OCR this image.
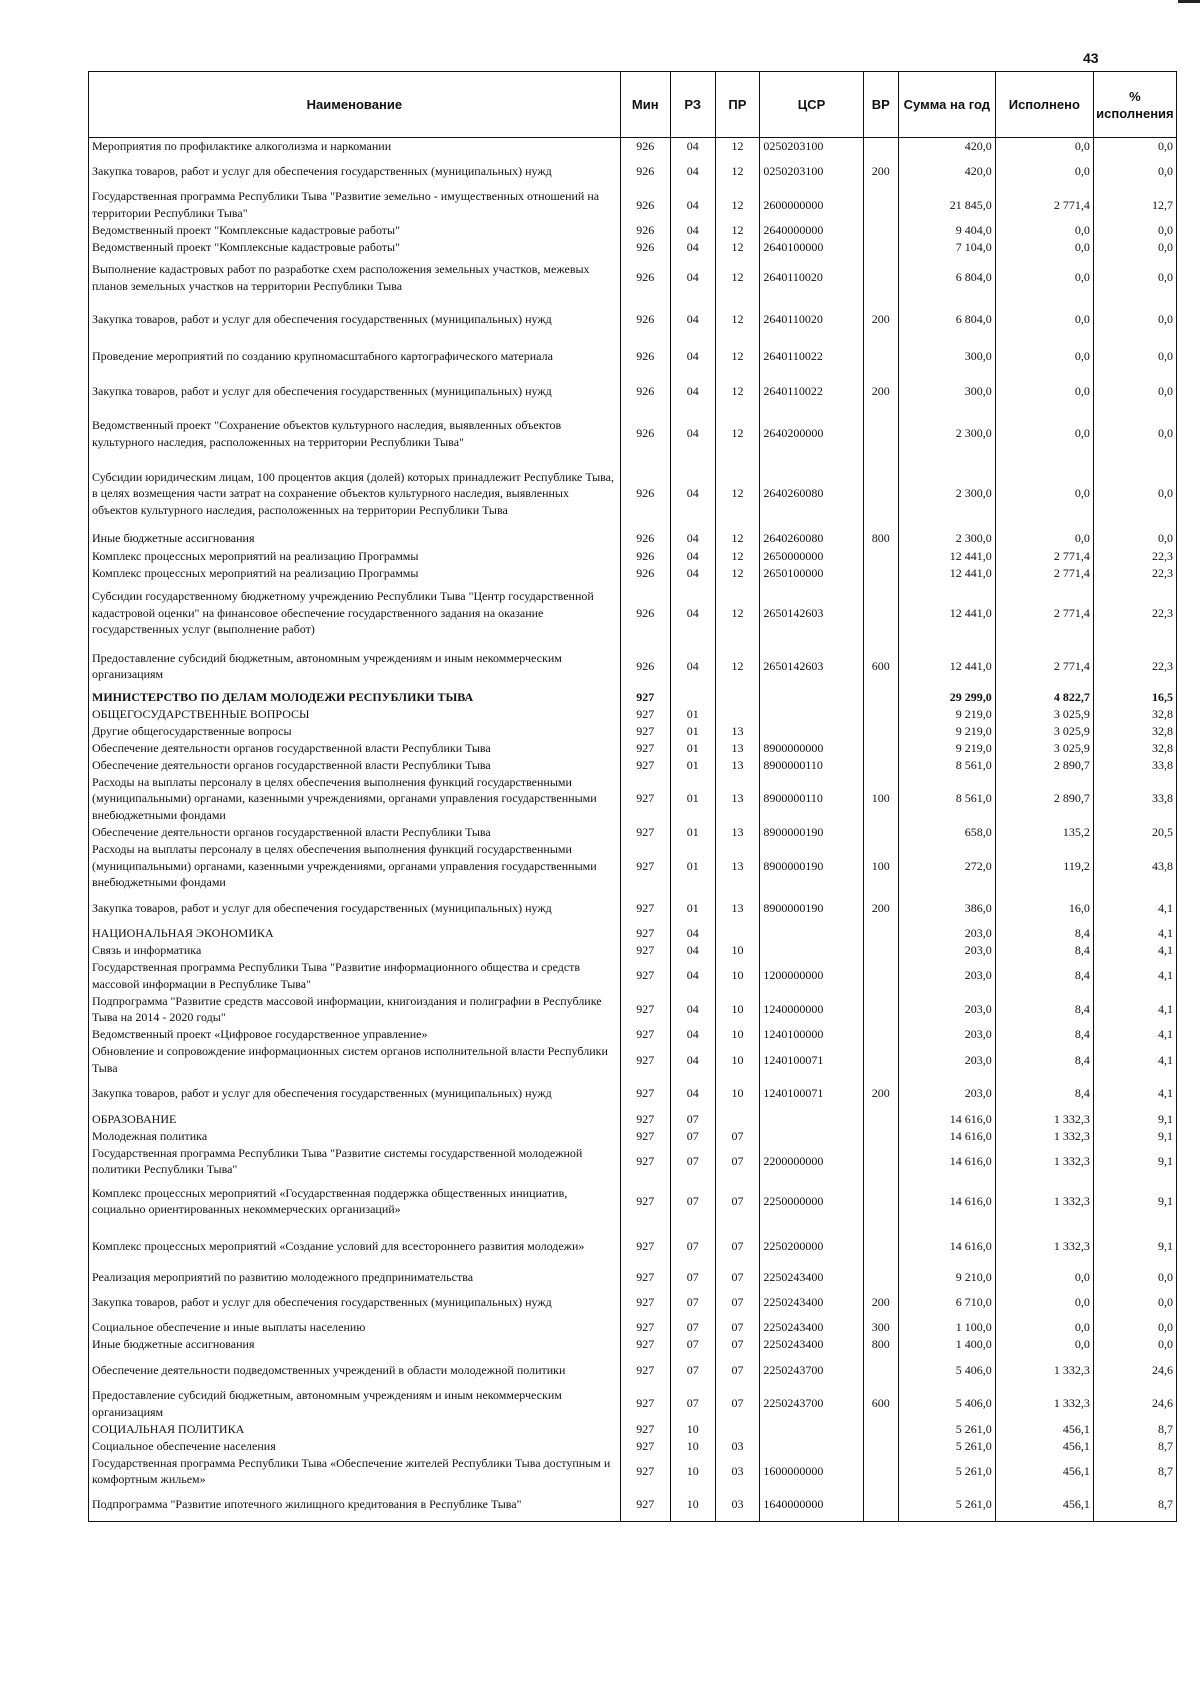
43
Наименование	Мин	РЗ	ПР	ЦСР	ВР	Сумма на год	Исполнено	% исполнения
Мероприятия по профилактике алкоголизма и наркомании	926	04	12	0250203100		420,0	0,0	0,0
Закупка товаров, работ и услуг для обеспечения государственных (муниципальных) нужд	926	04	12	0250203100	200	420,0	0,0	0,0
Государственная программа Республики Тыва "Развитие земельно - имущественных отношений на территории Республики Тыва"	926	04	12	2600000000		21 845,0	2 771,4	12,7
Ведомственный проект "Комплексные кадастровые работы"	926	04	12	2640000000		9 404,0	0,0	0,0
Ведомственный проект "Комплексные кадастровые работы"	926	04	12	2640100000		7 104,0	0,0	0,0
Выполнение кадастровых работ по разработке схем расположения земельных участков, межевых планов земельных участков на территории Республики Тыва	926	04	12	2640110020		6 804,0	0,0	0,0
Закупка товаров, работ и услуг для обеспечения государственных (муниципальных) нужд	926	04	12	2640110020	200	6 804,0	0,0	0,0
Проведение мероприятий по созданию крупномасштабного картографического материала	926	04	12	2640110022		300,0	0,0	0,0
Закупка товаров, работ и услуг для обеспечения государственных (муниципальных) нужд	926	04	12	2640110022	200	300,0	0,0	0,0
Ведомственный проект "Сохранение объектов культурного наследия, выявленных объектов культурного наследия, расположенных на территории Республики Тыва"	926	04	12	2640200000		2 300,0	0,0	0,0
Субсидии юридическим лицам, 100 процентов акция (долей) которых принадлежит Республике Тыва, в целях возмещения части затрат на сохранение объектов культурного наследия, выявленных объектов культурного наследия, расположенных на территории Республики Тыва	926	04	12	2640260080		2 300,0	0,0	0,0
Иные бюджетные ассигнования	926	04	12	2640260080	800	2 300,0	0,0	0,0
Комплекс процессных мероприятий на реализацию Программы	926	04	12	2650000000		12 441,0	2 771,4	22,3
Комплекс процессных мероприятий на реализацию Программы	926	04	12	2650100000		12 441,0	2 771,4	22,3
Субсидии государственному бюджетному учреждению Республики Тыва "Центр государственной кадастровой оценки" на финансовое обеспечение государственного задания на оказание государственных услуг (выполнение работ)	926	04	12	2650142603		12 441,0	2 771,4	22,3
Предоставление субсидий бюджетным, автономным учреждениям и иным некоммерческим организациям	926	04	12	2650142603	600	12 441,0	2 771,4	22,3
МИНИСТЕРСТВО ПО ДЕЛАМ МОЛОДЕЖИ РЕСПУБЛИКИ ТЫВА	927					29 299,0	4 822,7	16,5
ОБЩЕГОСУДАРСТВЕННЫЕ ВОПРОСЫ	927	01				9 219,0	3 025,9	32,8
Другие общегосударственные вопросы	927	01	13			9 219,0	3 025,9	32,8
Обеспечение деятельности органов государственной власти Республики Тыва	927	01	13	8900000000		9 219,0	3 025,9	32,8
Обеспечение деятельности органов государственной власти Республики Тыва	927	01	13	8900000110		8 561,0	2 890,7	33,8
Расходы на выплаты персоналу в целях обеспечения выполнения функций государственными (муниципальными) органами, казенными учреждениями, органами управления государственными внебюджетными фондами	927	01	13	8900000110	100	8 561,0	2 890,7	33,8
Обеспечение деятельности органов государственной власти Республики Тыва	927	01	13	8900000190		658,0	135,2	20,5
Расходы на выплаты персоналу в целях обеспечения выполнения функций государственными (муниципальными) органами, казенными учреждениями, органами управления государственными внебюджетными фондами	927	01	13	8900000190	100	272,0	119,2	43,8
Закупка товаров, работ и услуг для обеспечения государственных (муниципальных) нужд	927	01	13	8900000190	200	386,0	16,0	4,1
НАЦИОНАЛЬНАЯ ЭКОНОМИКА	927	04				203,0	8,4	4,1
Связь и информатика	927	04	10			203,0	8,4	4,1
Государственная программа Республики Тыва "Развитие информационного общества и средств массовой информации в Республике Тыва"	927	04	10	1200000000		203,0	8,4	4,1
Подпрограмма "Развитие средств массовой информации, книгоиздания и полиграфии в Республике Тыва на 2014 - 2020 годы"	927	04	10	1240000000		203,0	8,4	4,1
Ведомственный проект «Цифровое государственное управление»	927	04	10	1240100000		203,0	8,4	4,1
Обновление и сопровождение информационных систем органов исполнительной власти Республики Тыва	927	04	10	1240100071		203,0	8,4	4,1
Закупка товаров, работ и услуг для обеспечения государственных (муниципальных) нужд	927	04	10	1240100071	200	203,0	8,4	4,1
ОБРАЗОВАНИЕ	927	07				14 616,0	1 332,3	9,1
Молодежная политика	927	07	07			14 616,0	1 332,3	9,1
Государственная программа Республики Тыва "Развитие системы государственной молодежной политики Республики Тыва"	927	07	07	2200000000		14 616,0	1 332,3	9,1
Комплекс процессных мероприятий «Государственная поддержка общественных инициатив, социально ориентированных некоммерческих организаций»	927	07	07	2250000000		14 616,0	1 332,3	9,1
Комплекс процессных мероприятий «Создание условий для всестороннего развития молодежи»	927	07	07	2250200000		14 616,0	1 332,3	9,1
Реализация мероприятий по развитию молодежного предпринимательства	927	07	07	2250243400		9 210,0	0,0	0,0
Закупка товаров, работ и услуг для обеспечения государственных (муниципальных) нужд	927	07	07	2250243400	200	6 710,0	0,0	0,0
Социальное обеспечение и иные выплаты населению	927	07	07	2250243400	300	1 100,0	0,0	0,0
Иные бюджетные ассигнования	927	07	07	2250243400	800	1 400,0	0,0	0,0
Обеспечение деятельности подведомственных учреждений в области молодежной политики	927	07	07	2250243700		5 406,0	1 332,3	24,6
Предоставление субсидий бюджетным, автономным учреждениям и иным некоммерческим организациям	927	07	07	2250243700	600	5 406,0	1 332,3	24,6
СОЦИАЛЬНАЯ ПОЛИТИКА	927	10				5 261,0	456,1	8,7
Социальное обеспечение населения	927	10	03			5 261,0	456,1	8,7
Государственная программа Республики Тыва «Обеспечение жителей Республики Тыва доступным и комфортным жильем»	927	10	03	1600000000		5 261,0	456,1	8,7
Подпрограмма "Развитие ипотечного жилищного кредитования в Республике Тыва"	927	10	03	1640000000		5 261,0	456,1	8,7
